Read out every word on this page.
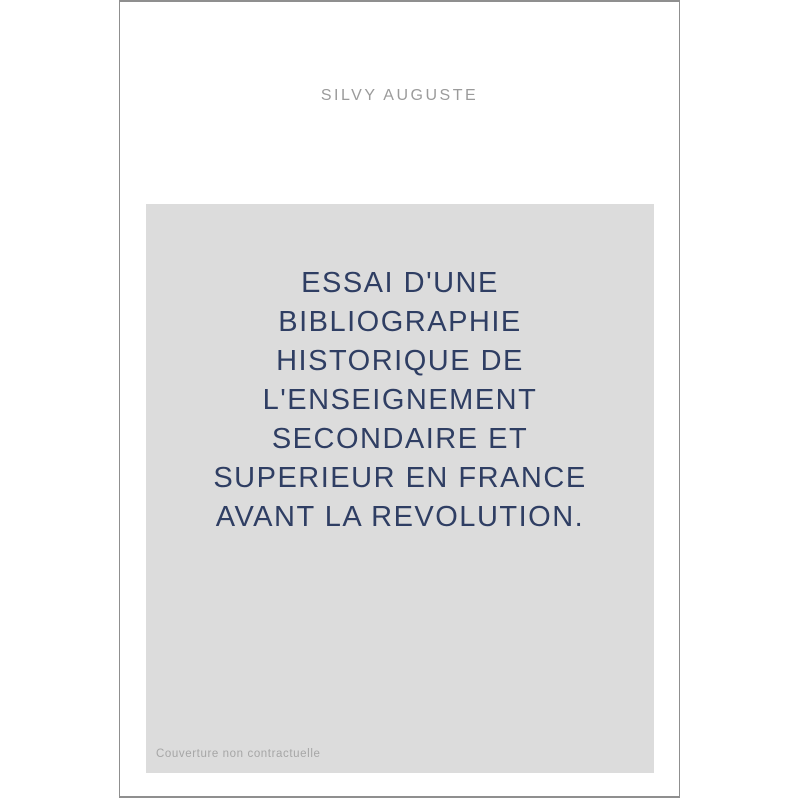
SILVY AUGUSTE
ESSAI D'UNE
BIBLIOGRAPHIE
HISTORIQUE DE
L'ENSEIGNEMENT
SECONDAIRE ET
SUPERIEUR EN FRANCE
AVANT LA REVOLUTION.
Couverture non contractuelle
